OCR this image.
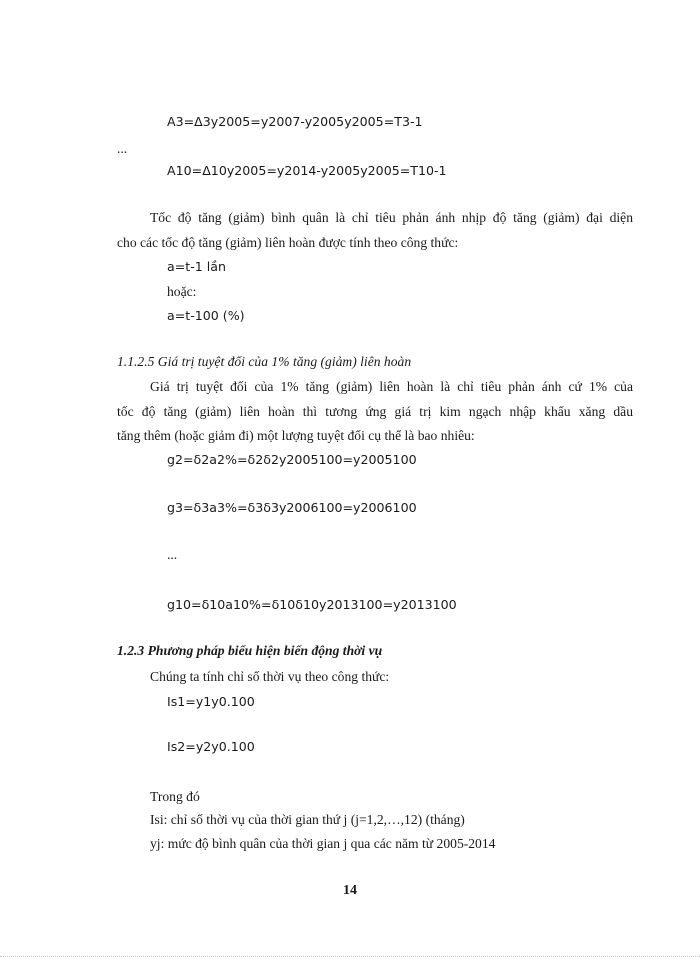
A3=Δ3y2005=y2007-y2005y2005=T3-1
...
A10=Δ10y2005=y2014-y2005y2005=T10-1
Tốc độ tăng (giảm) bình quân là chỉ tiêu phản ánh nhịp độ tăng (giảm) đại diện
cho các tốc độ tăng (giảm) liên hoàn được tính theo công thức:
a=t-1 lần
hoặc:
a=t-100 (%)
1.1.2.5 Giá trị tuyệt đối của 1% tăng (giảm) liên hoàn
Giá trị tuyệt đối của 1% tăng (giảm) liên hoàn là chỉ tiêu phản ánh cứ 1% của
tốc độ tăng (giảm) liên hoàn thì tương ứng giá trị kim ngạch nhập khẩu xăng dầu
tăng thêm (hoặc giảm đi) một lượng tuyệt đối cụ thể là bao nhiêu:
g2=δ2a2%=δ2δ2y2005100=y2005100
g3=δ3a3%=δ3δ3y2006100=y2006100
...
g10=δ10a10%=δ10δ10y2013100=y2013100
1.2.3 Phương pháp biểu hiện biến động thời vụ
Chúng ta tính chỉ số thời vụ theo công thức:
Is1=y1y0.100
Is2=y2y0.100
Trong đó
Isi: chỉ số thời vụ của thời gian thứ j (j=1,2,…,12) (tháng)
yj: mức độ bình quân của thời gian j qua các năm từ 2005-2014
14
